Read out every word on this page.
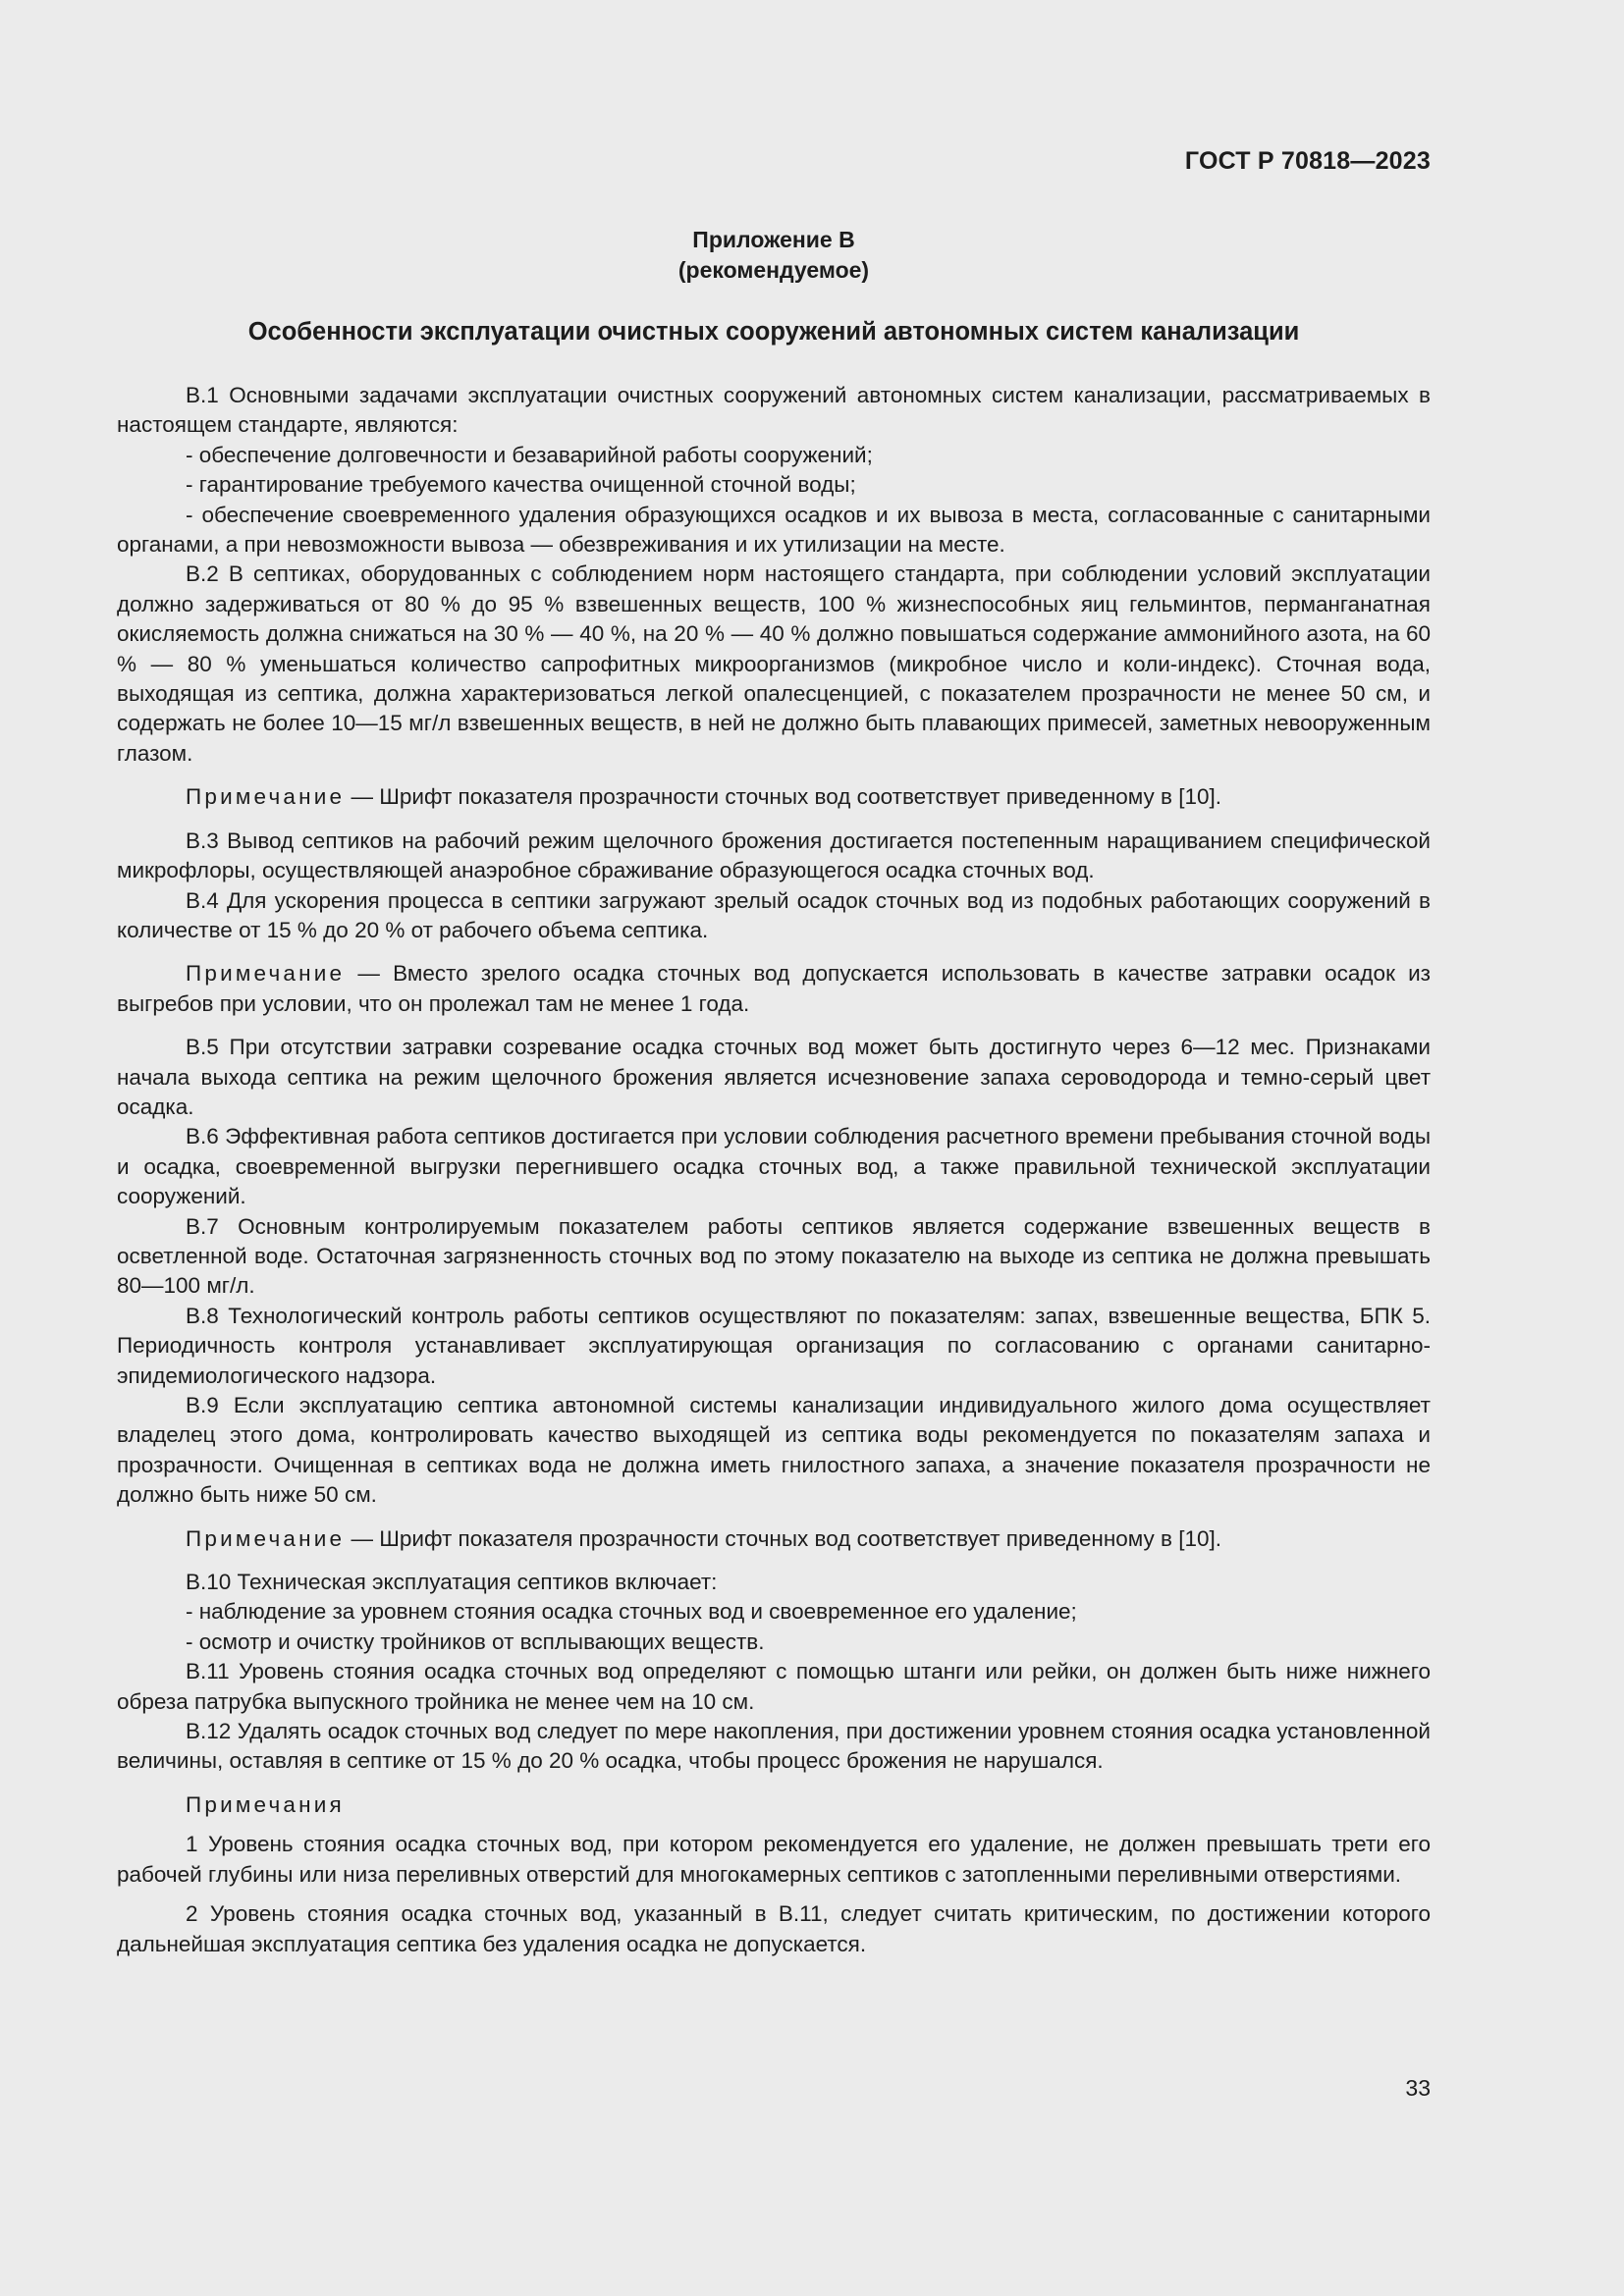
ГОСТ Р 70818—2023
Приложение В
(рекомендуемое)
Особенности эксплуатации очистных сооружений автономных систем канализации

В.1 Основными задачами эксплуатации очистных сооружений автономных систем канализации, рассматриваемых в настоящем стандарте, являются:

- обеспечение долговечности и безаварийной работы сооружений;

- гарантирование требуемого качества очищенной сточной воды;

- обеспечение своевременного удаления образующихся осадков и их вывоза в места, согласованные с санитарными органами, а при невозможности вывоза — обезвреживания и их утилизации на месте.

В.2 В септиках, оборудованных с соблюдением норм настоящего стандарта, при соблюдении условий эксплуатации должно задерживаться от 80 % до 95 % взвешенных веществ, 100 % жизнеспособных яиц гельминтов, перманганатная окисляемость должна снижаться на 30 % — 40 %, на 20 % — 40 % должно повышаться содержание аммонийного азота, на 60 % — 80 % уменьшаться количество сапрофитных микроорганизмов (микробное число и коли-индекс). Сточная вода, выходящая из септика, должна характеризоваться легкой опалесценцией, с показателем прозрачности не менее 50 см, и содержать не более 10—15 мг/л взвешенных веществ, в ней не должно быть плавающих примесей, заметных невооруженным глазом.

Примечание — Шрифт показателя прозрачности сточных вод соответствует приведенному в [10].

В.3 Вывод септиков на рабочий режим щелочного брожения достигается постепенным наращиванием специфической микрофлоры, осуществляющей анаэробное сбраживание образующегося осадка сточных вод.

В.4 Для ускорения процесса в септики загружают зрелый осадок сточных вод из подобных работающих сооружений в количестве от 15 % до 20 % от рабочего объема септика.

Примечание — Вместо зрелого осадка сточных вод допускается использовать в качестве затравки осадок из выгребов при условии, что он пролежал там не менее 1 года.

В.5 При отсутствии затравки созревание осадка сточных вод может быть достигнуто через 6—12 мес. Признаками начала выхода септика на режим щелочного брожения является исчезновение запаха сероводорода и темно-серый цвет осадка.

В.6 Эффективная работа септиков достигается при условии соблюдения расчетного времени пребывания сточной воды и осадка, своевременной выгрузки перегнившего осадка сточных вод, а также правильной технической эксплуатации сооружений.

В.7 Основным контролируемым показателем работы септиков является содержание взвешенных веществ в осветленной воде. Остаточная загрязненность сточных вод по этому показателю на выходе из септика не должна превышать 80—100 мг/л.

В.8 Технологический контроль работы септиков осуществляют по показателям: запах, взвешенные вещества, БПК 5. Периодичность контроля устанавливает эксплуатирующая организация по согласованию с органами санитарно-эпидемиологического надзора.

В.9 Если эксплуатацию септика автономной системы канализации индивидуального жилого дома осуществляет владелец этого дома, контролировать качество выходящей из септика воды рекомендуется по показателям запаха и прозрачности. Очищенная в септиках вода не должна иметь гнилостного запаха, а значение показателя прозрачности не должно быть ниже 50 см.

Примечание — Шрифт показателя прозрачности сточных вод соответствует приведенному в [10].

В.10 Техническая эксплуатация септиков включает:

- наблюдение за уровнем стояния осадка сточных вод и своевременное его удаление;

- осмотр и очистку тройников от всплывающих веществ.

В.11 Уровень стояния осадка сточных вод определяют с помощью штанги или рейки, он должен быть ниже нижнего обреза патрубка выпускного тройника не менее чем на 10 см.

В.12 Удалять осадок сточных вод следует по мере накопления, при достижении уровнем стояния осадка установленной величины, оставляя в септике от 15 % до 20 % осадка, чтобы процесс брожения не нарушался.

Примечания

1 Уровень стояния осадка сточных вод, при котором рекомендуется его удаление, не должен превышать трети его рабочей глубины или низа переливных отверстий для многокамерных септиков с затопленными переливными отверстиями.

2 Уровень стояния осадка сточных вод, указанный в В.11, следует считать критическим, по достижении которого дальнейшая эксплуатация септика без удаления осадка не допускается.

33
